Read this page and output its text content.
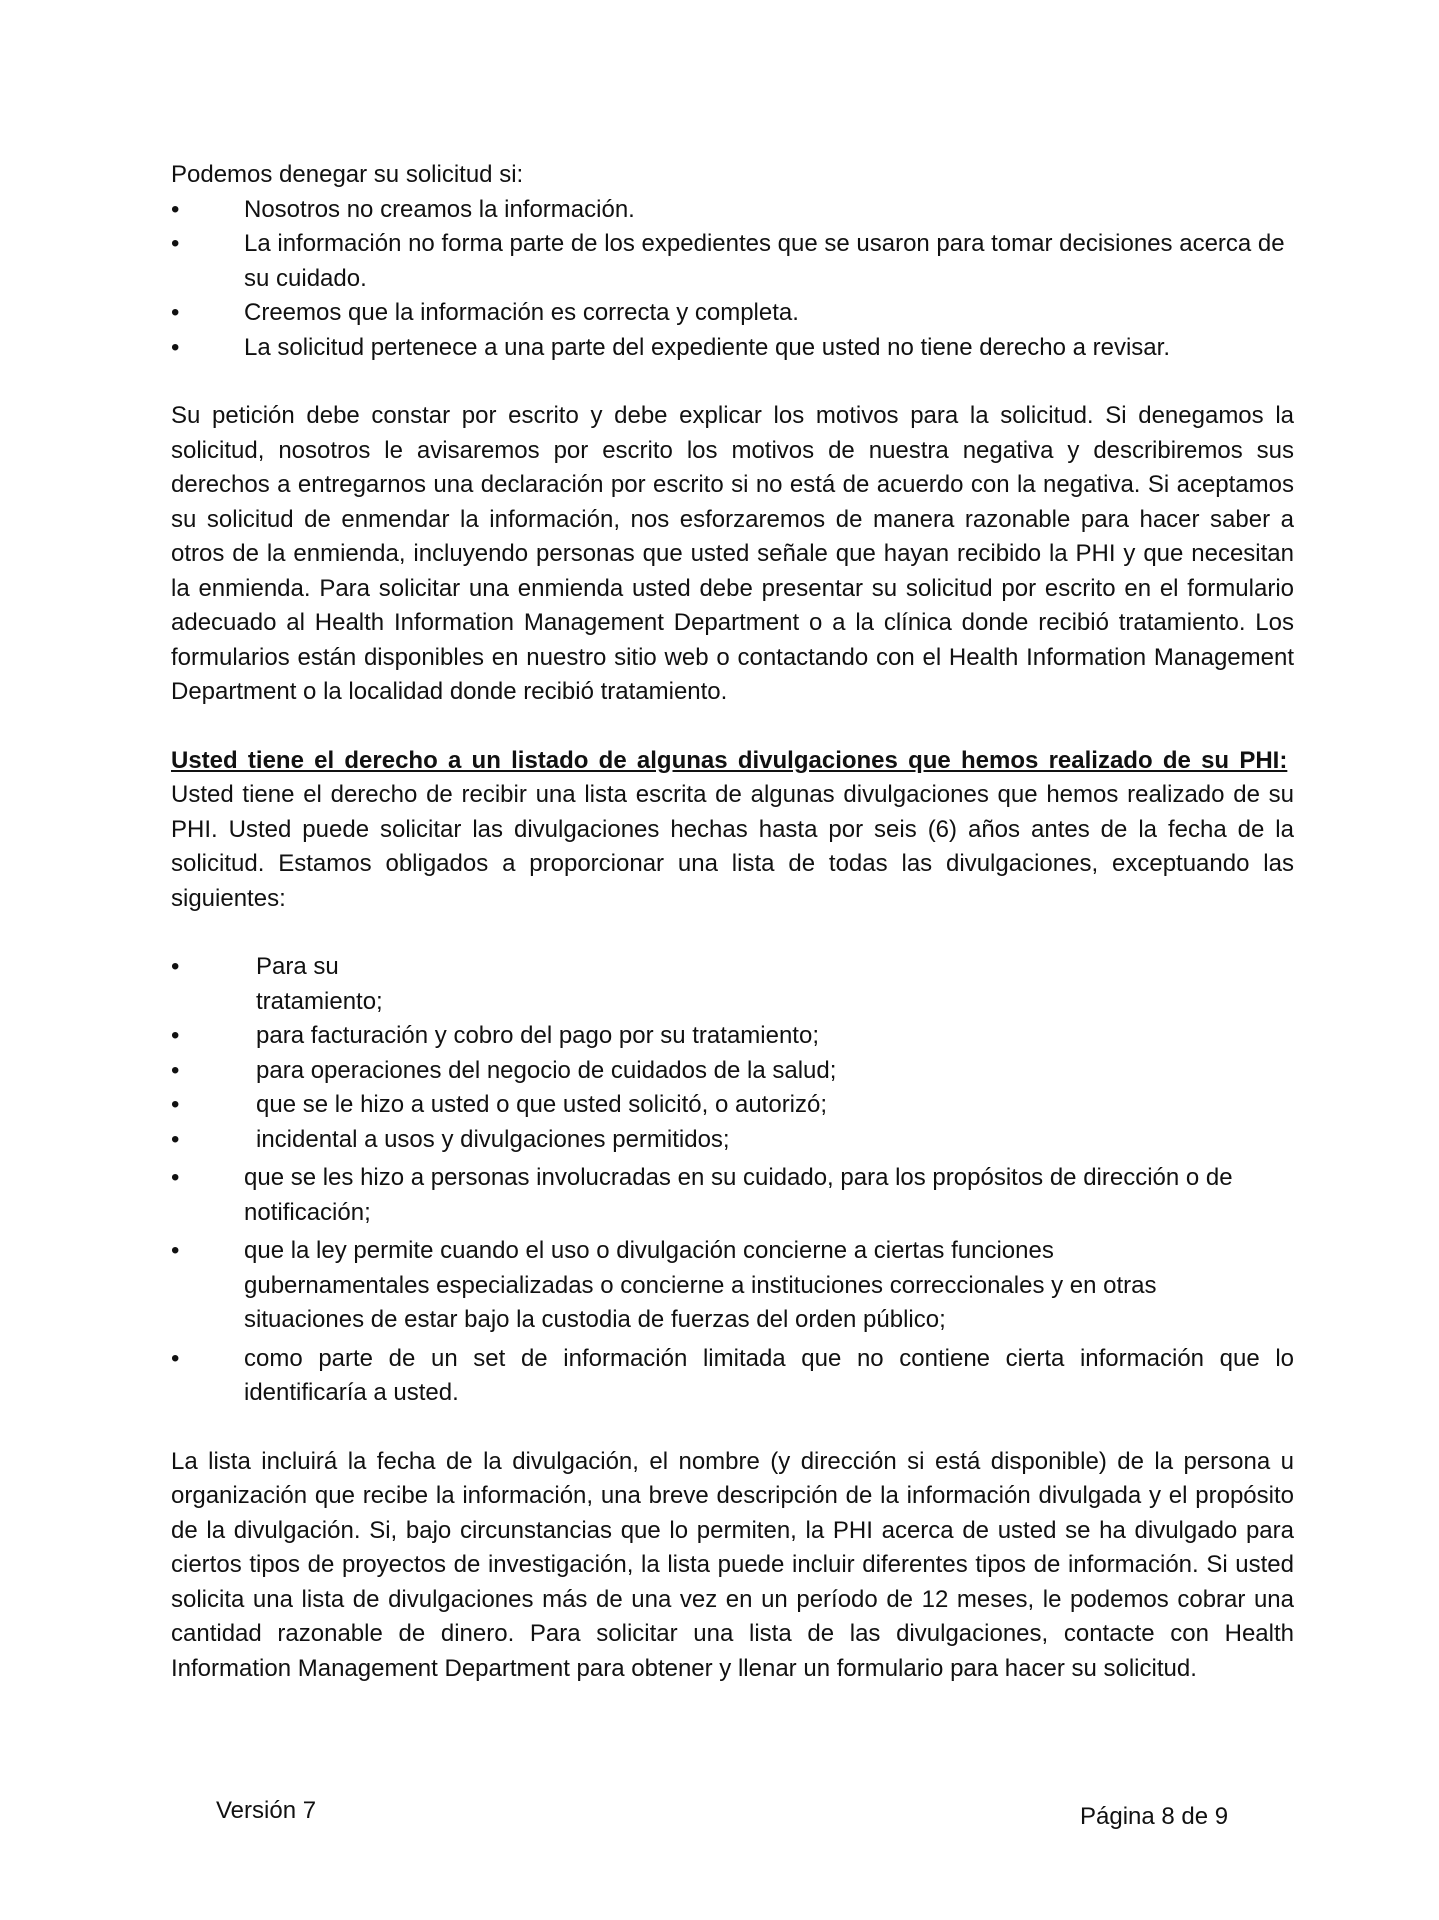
Podemos denegar su solicitud si:

• Nosotros no creamos la información.
• La información no forma parte de los expedientes que se usaron para tomar decisiones acerca de su cuidado.
• Creemos que la información es correcta y completa.
• La solicitud pertenece a una parte del expediente que usted no tiene derecho a revisar.

Su petición debe constar por escrito y debe explicar los motivos para la solicitud. Si denegamos la solicitud, nosotros le avisaremos por escrito los motivos de nuestra negativa y describiremos sus derechos a entregarnos una declaración por escrito si no está de acuerdo con la negativa. Si aceptamos su solicitud de enmendar la información, nos esforzaremos de manera razonable para hacer saber a otros de la enmienda, incluyendo personas que usted señale que hayan recibido la PHI y que necesitan la enmienda. Para solicitar una enmienda usted debe presentar su solicitud por escrito en el formulario adecuado al Health Information Management Department o a la clínica donde recibió tratamiento. Los formularios están disponibles en nuestro sitio web o contactando con el Health Information Management Department o la localidad donde recibió tratamiento.

Usted tiene el derecho a un listado de algunas divulgaciones que hemos realizado de su PHI:  Usted tiene el derecho de recibir una lista escrita de algunas divulgaciones que hemos realizado de su PHI. Usted puede solicitar las divulgaciones hechas hasta por seis (6) años antes de la fecha de la solicitud. Estamos obligados a proporcionar una lista de todas las divulgaciones, exceptuando las siguientes:

• Para su tratamiento;
• para facturación y cobro del pago por su tratamiento;
• para operaciones del negocio de cuidados de la salud;
• que se le hizo a usted o que usted solicitó, o autorizó;
• incidental a usos y divulgaciones permitidos;
• que se les hizo a personas involucradas en su cuidado, para los propósitos de dirección o de notificación;
• que la ley permite cuando el uso o divulgación concierne a ciertas funciones gubernamentales especializadas o concierne a instituciones correccionales y en otras situaciones de estar bajo la custodia de fuerzas del orden público;
• como parte de un set de información limitada que no contiene cierta información que lo identificaría a usted.

La lista incluirá la fecha de la divulgación, el nombre (y dirección si está disponible) de la persona u organización que recibe la información, una breve descripción de la información divulgada y el propósito de la divulgación. Si, bajo circunstancias que lo permiten, la PHI acerca de usted se ha divulgado para ciertos tipos de proyectos de investigación, la lista puede incluir diferentes tipos de información. Si usted solicita una lista de divulgaciones más de una vez en un período de 12 meses, le podemos cobrar una cantidad razonable de dinero. Para solicitar una lista de las divulgaciones, contacte con Health Information Management Department para obtener y llenar un formulario para hacer su solicitud.

Versión 7	Página 8 de 9
